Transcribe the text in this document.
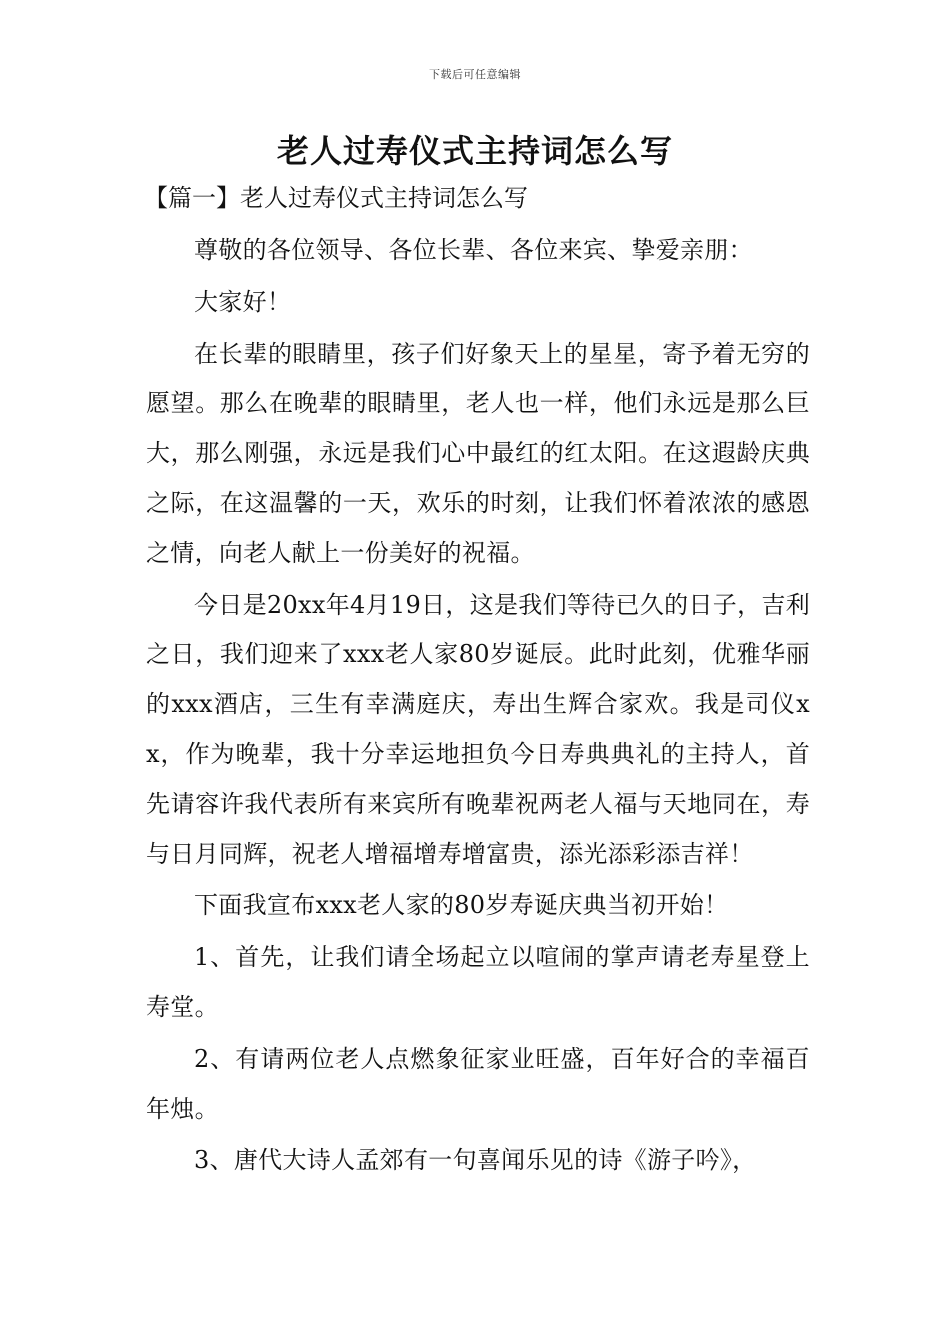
下载后可任意编辑
老人过寿仪式主持词怎么写
【篇一】老人过寿仪式主持词怎么写

尊敬的各位领导、各位长辈、各位来宾、挚爱亲朋：

大家好！

在长辈的眼睛里，孩子们好象天上的星星，寄予着无穷的愿望。那么在晚辈的眼睛里，老人也一样，他们永远是那么巨大，那么刚强，永远是我们心中最红的红太阳。在这遐龄庆典之际，在这温馨的一天，欢乐的时刻，让我们怀着浓浓的感恩之情，向老人献上一份美好的祝福。

今日是20xx年4月19日，这是我们等待已久的日子，吉利之日，我们迎来了xxx老人家80岁诞辰。此时此刻，优雅华丽的xxx酒店，三生有幸满庭庆，寿出生辉合家欢。我是司仪xx，作为晚辈，我十分幸运地担负今日寿典典礼的主持人，首先请容许我代表所有来宾所有晚辈祝两老人福与天地同在，寿与日月同辉，祝老人增福增寿增富贵，添光添彩添吉祥！

下面我宣布xxx老人家的80岁寿诞庆典当初开始！

1、首先，让我们请全场起立以喧闹的掌声请老寿星登上寿堂。

2、有请两位老人点燃象征家业旺盛，百年好合的幸福百年烛。

3、唐代大诗人孟郊有一句喜闻乐见的诗《游子吟》，
